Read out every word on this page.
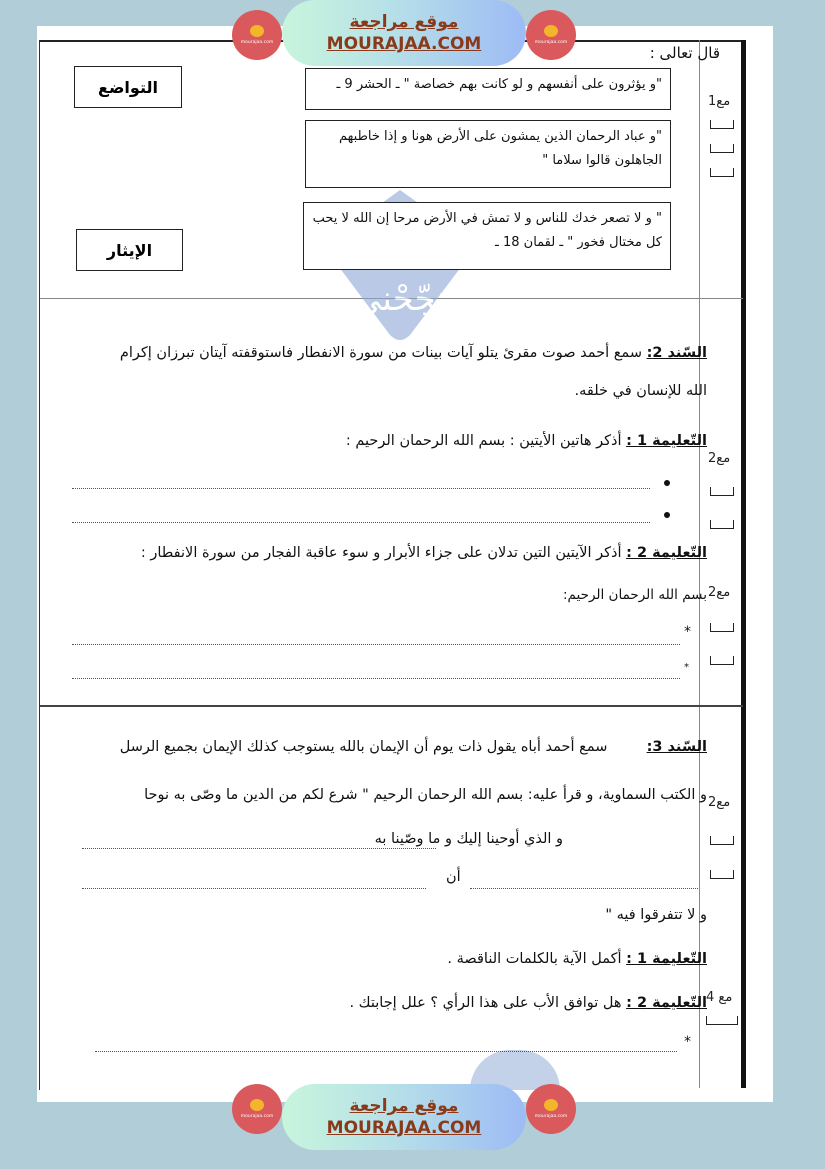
نجّحْني
قال تعالى :
"و يؤثرون على أنفسهم و لو كانت بهم خصاصة " ـ الحشر 9 ـ
"و عباد الرحمان الذين يمشون على الأرض هونا و إذا خاطبهم الجاهلون قالوا سلاما "
" و لا تصعر خدك للناس و لا تمش في الأرض مرحا إن الله لا يحب كل مختال فخور " ـ لقمان 18 ـ
التواضع
الإيثار
مع1
السّند 2: سمع أحمد صوت مقرئ يتلو آيات بينات من سورة الانفطار فاستوقفته آيتان تبرزان إكرام
الله للإنسان في خلقه.
التّعليمة 1 : أذكر هاتين الأيتين : بسم الله الرحمان الرحيم :
التّعليمة 2 : أذكر الآيتين التين تدلان على جزاء الأبرار و سوء عاقبة الفجار من سورة الانفطار :
بسم الله الرحمان الرحيم:
*
*
مع2
مع2
السّند 3:  سمع أحمد أباه يقول ذات يوم أن الإيمان بالله يستوجب كذلك الإيمان بجميع الرسل
و الكتب السماوية، و قرأ عليه: بسم الله الرحمان الرحيم " شرع لكم من الدين ما وصّى به نوحا
و الذي أوحينا إليك و ما وصّينا به
أن
و لا تتفرقوا فيه "
التّعليمة 1 : أكمل الآية بالكلمات الناقصة .
التّعليمة 2 : هل توافق الأب على هذا الرأي ؟ علل إجابتك .
*
مع2
مع 4
mourajaa.com
موقع مراجعة
MOURAJAA.COM	mourajaa.com
mourajaa.com
موقع مراجعة
MOURAJAA.COM
mourajaa.com
